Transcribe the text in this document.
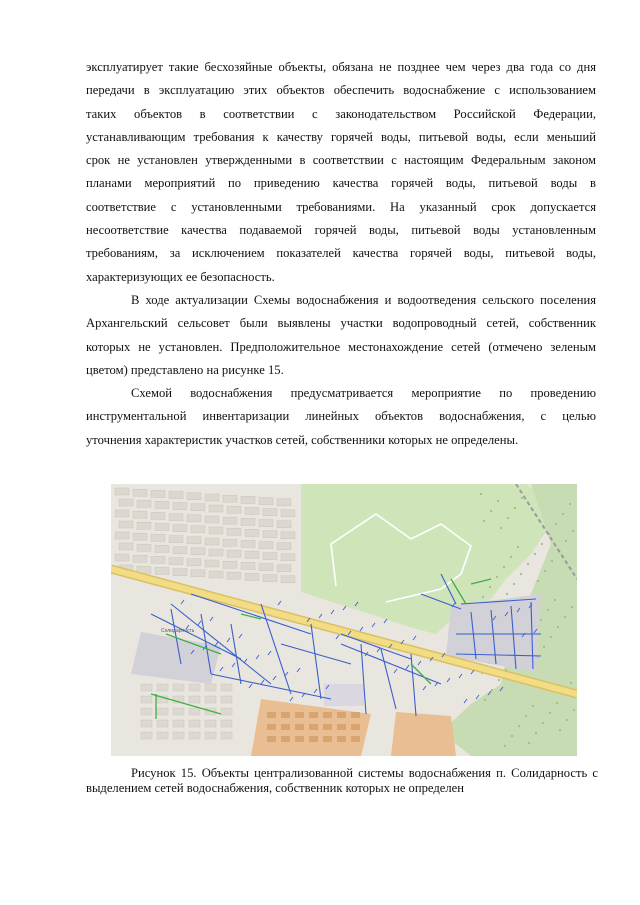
эксплуатирует такие бесхозяйные объекты, обязана не позднее чем через два года со дня
передачи в эксплуатацию этих объектов обеспечить водоснабжение с использованием
таких объектов в соответствии с законодательством Российской Федерации,
устанавливающим требования к качеству горячей воды, питьевой воды, если меньший
срок не установлен утвержденными в соответствии с настоящим Федеральным законом
планами мероприятий по приведению качества горячей воды, питьевой воды в
соответствие с установленными требованиями. На указанный срок допускается
несоответствие качества подаваемой горячей воды, питьевой воды установленным
требованиям, за исключением показателей качества горячей воды, питьевой воды,
характеризующих ее безопасность.
В ходе актуализации Схемы водоснабжения и водоотведения сельского поселения
Архангельский сельсовет были выявлены участки водопроводный сетей, собственник
которых не установлен. Предположительное местонахождение сетей (отмечено зеленым
цветом) представлено на рисунке 15.
Схемой водоснабжения предусматривается мероприятие по проведению
инструментальной инвентаризации линейных объектов водоснабжения, с целью
уточнения характеристик участков сетей, собственники которых не определены.
Солидарность
Рисунок 15. Объекты централизованной системы водоснабжения п. Солидарность с
выделением сетей водоснабжения, собственник которых не определен
